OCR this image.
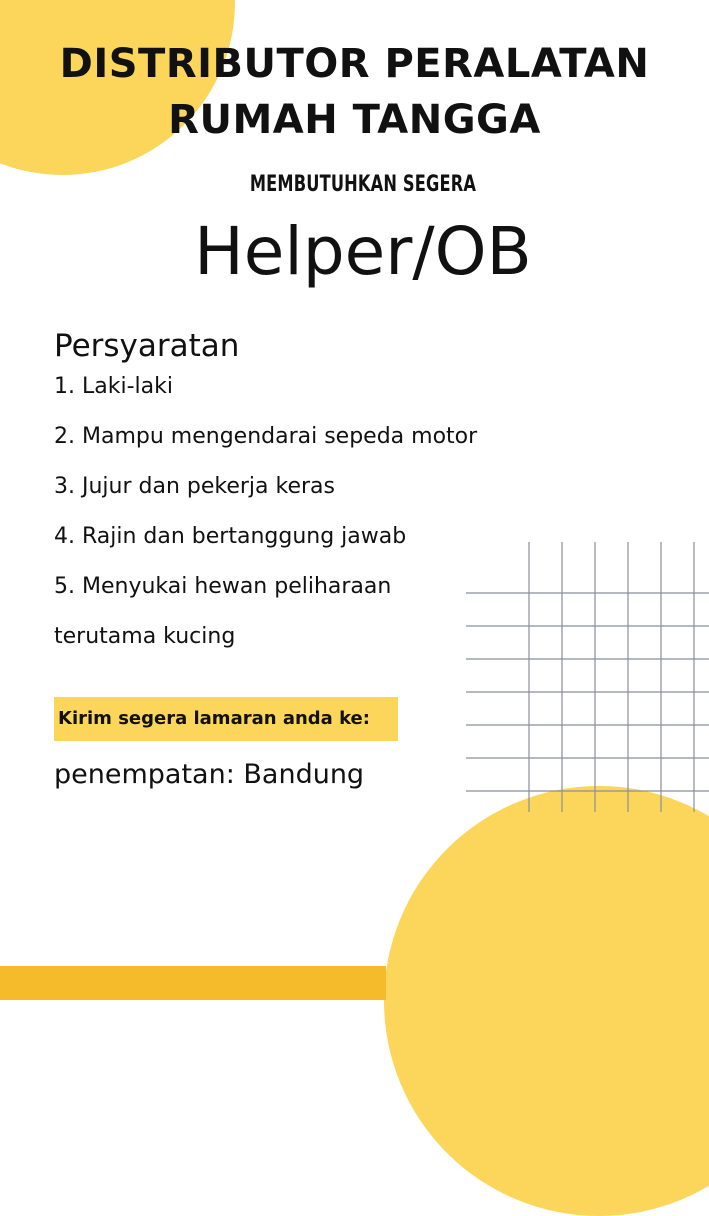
DISTRIBUTOR PERALATAN
RUMAH TANGGA
MEMBUTUHKAN SEGERA
Helper/OB
Persyaratan
1. Laki-laki
2. Mampu mengendarai sepeda motor
3. Jujur dan pekerja keras
4. Rajin dan bertanggung jawab
5. Menyukai hewan peliharaan
terutama kucing
Kirim segera lamaran anda ke:
penempatan: Bandung
